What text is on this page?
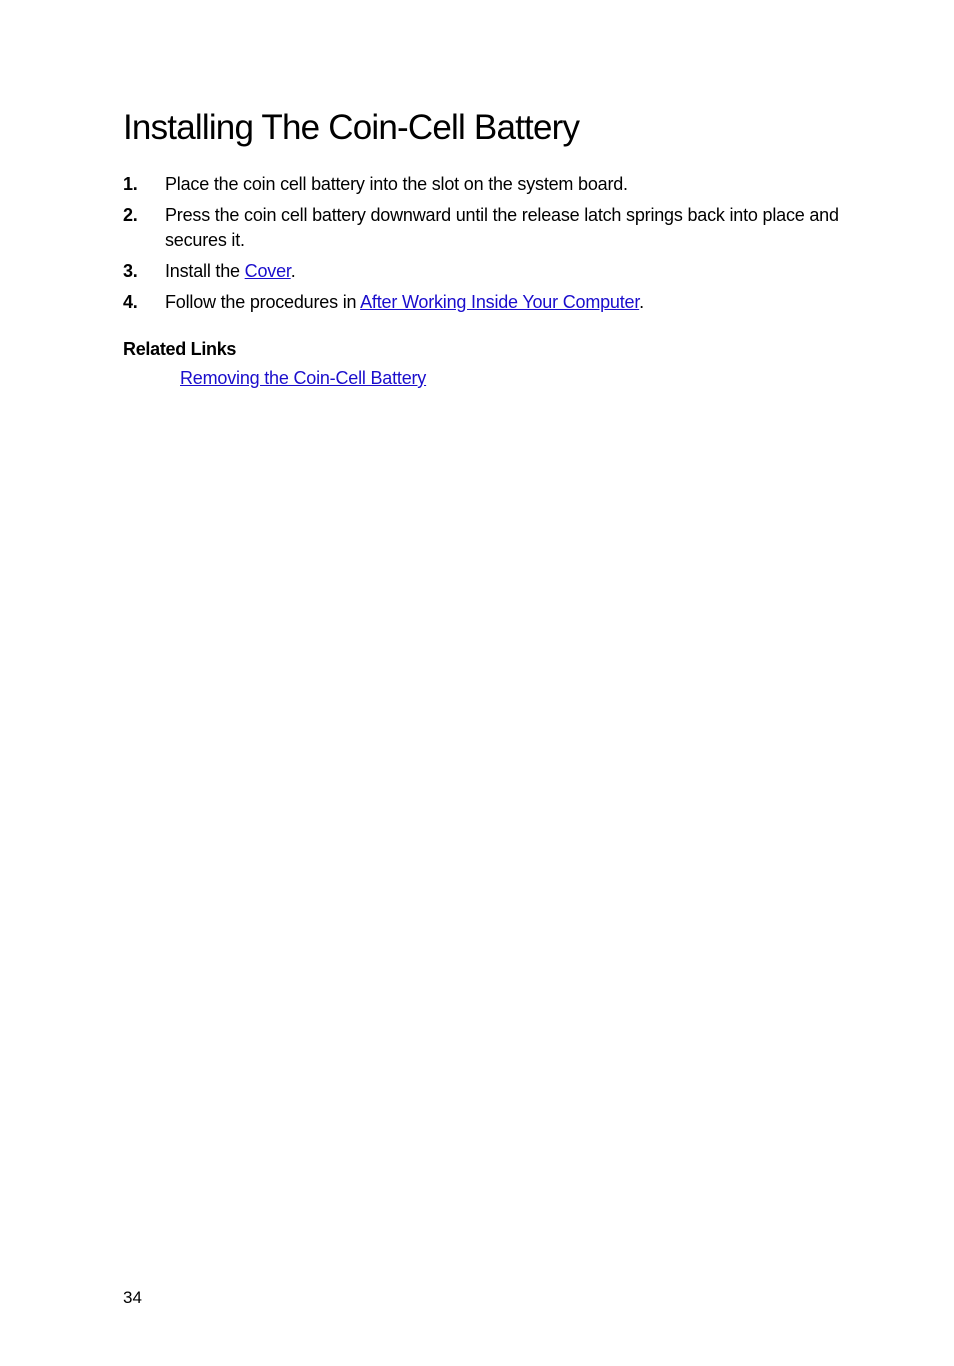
Installing The Coin-Cell Battery
1.	Place the coin cell battery into the slot on the system board.
2.	Press the coin cell battery downward until the release latch springs back into place and secures it.
3.	Install the Cover.
4.	Follow the procedures in After Working Inside Your Computer.
Related Links
Removing the Coin-Cell Battery
34
